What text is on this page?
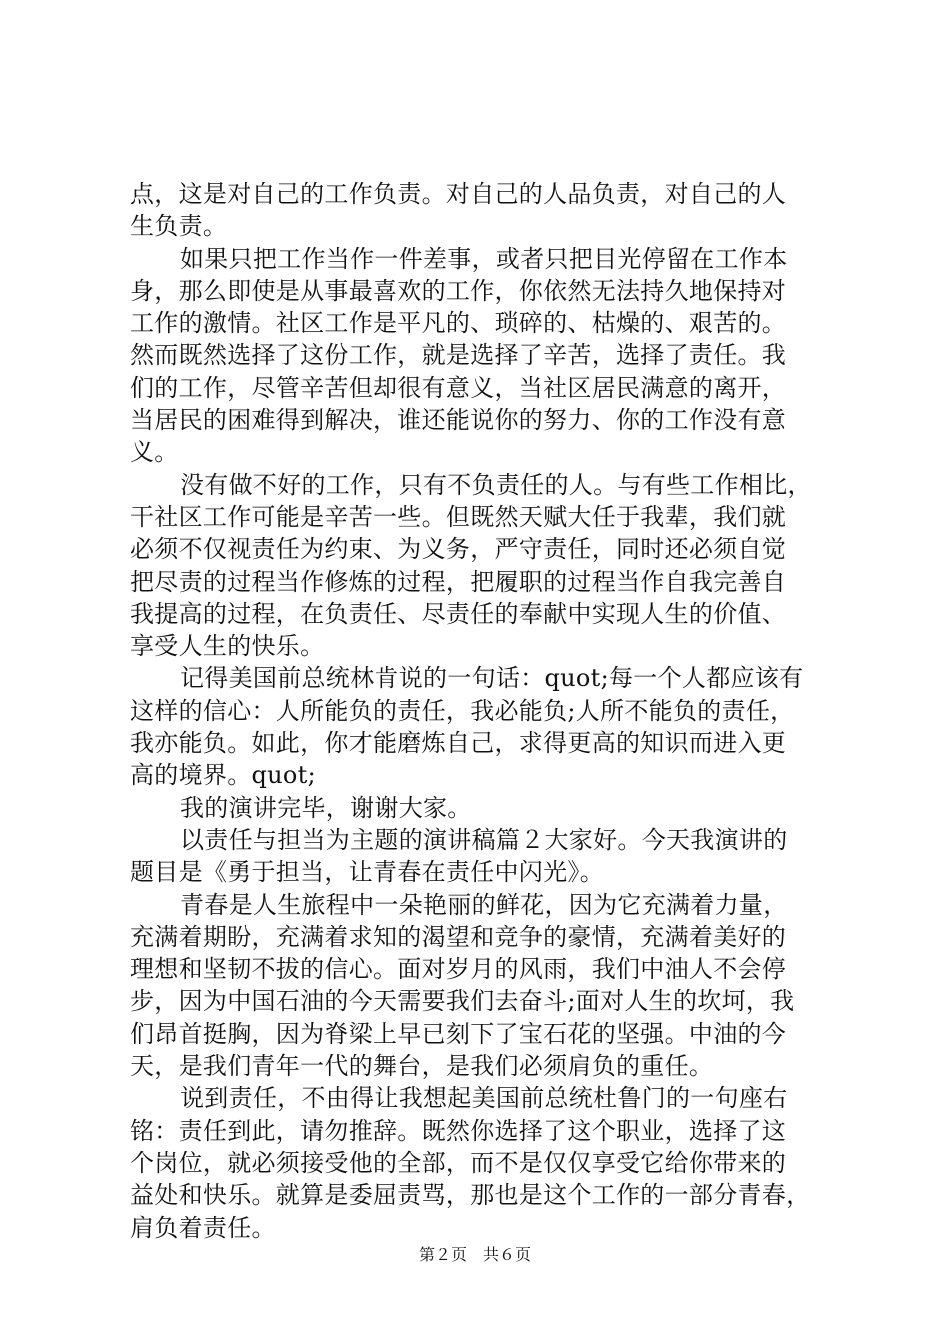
点，这是对自己的工作负责。对自己的人品负责，对自己的人
生负责。
如果只把工作当作一件差事，或者只把目光停留在工作本
身，那么即使是从事最喜欢的工作，你依然无法持久地保持对
工作的激情。社区工作是平凡的、琐碎的、枯燥的、艰苦的。
然而既然选择了这份工作，就是选择了辛苦，选择了责任。我
们的工作，尽管辛苦但却很有意义，当社区居民满意的离开，
当居民的困难得到解决，谁还能说你的努力、你的工作没有意
义。
没有做不好的工作，只有不负责任的人。与有些工作相比，
干社区工作可能是辛苦一些。但既然天赋大任于我辈，我们就
必须不仅视责任为约束、为义务，严守责任，同时还必须自觉
把尽责的过程当作修炼的过程，把履职的过程当作自我完善自
我提高的过程，在负责任、尽责任的奉献中实现人生的价值、
享受人生的快乐。
记得美国前总统林肯说的一句话：quot;每一个人都应该有
这样的信心：人所能负的责任，我必能负;人所不能负的责任，
我亦能负。如此，你才能磨炼自己，求得更高的知识而进入更
高的境界。quot;
我的演讲完毕，谢谢大家。
以责任与担当为主题的演讲稿篇２大家好。今天我演讲的
题目是《勇于担当，让青春在责任中闪光》。
青春是人生旅程中一朵艳丽的鲜花，因为它充满着力量，
充满着期盼，充满着求知的渴望和竞争的豪情，充满着美好的
理想和坚韧不拔的信心。面对岁月的风雨，我们中油人不会停
步，因为中国石油的今天需要我们去奋斗;面对人生的坎坷，我
们昂首挺胸，因为脊梁上早已刻下了宝石花的坚强。中油的今
天，是我们青年一代的舞台，是我们必须肩负的重任。
说到责任，不由得让我想起美国前总统杜鲁门的一句座右
铭：责任到此，请勿推辞。既然你选择了这个职业，选择了这
个岗位，就必须接受他的全部，而不是仅仅享受它给你带来的
益处和快乐。就算是委屈责骂，那也是这个工作的一部分青春，
肩负着责任。
第２页　共６页
